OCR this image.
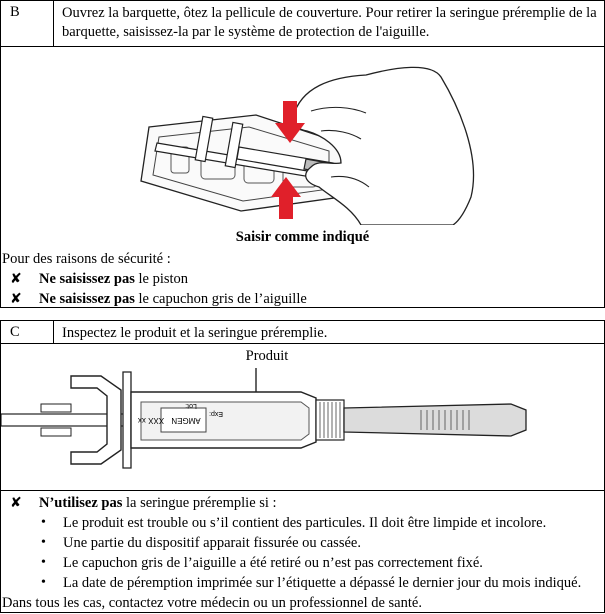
B	Ouvrez la barquette, ôtez la pellicule de couverture. Pour retirer la seringue préremplie de la barquette, saisissez-la par le système de protection de l'aiguille.
Saisir comme indiqué
Pour des raisons de sécurité :
✘ Ne saisissez pas le piston
✘ Ne saisissez pas le capuchon gris de l’aiguille
C	Inspectez le produit et la seringue préremplie.
Produit
AMGEN
XXX xx
Lot:
Exp:
✘ N’utilisez pas la seringue préremplie si :
• Le produit est trouble ou s’il contient des particules. Il doit être limpide et incolore.
• Une partie du dispositif apparait fissurée ou cassée.
• Le capuchon gris de l’aiguille a été retiré ou n’est pas correctement fixé.
• La date de péremption imprimée sur l’étiquette a dépassé le dernier jour du mois indiqué.
Dans tous les cas, contactez votre médecin ou un professionnel de santé.
